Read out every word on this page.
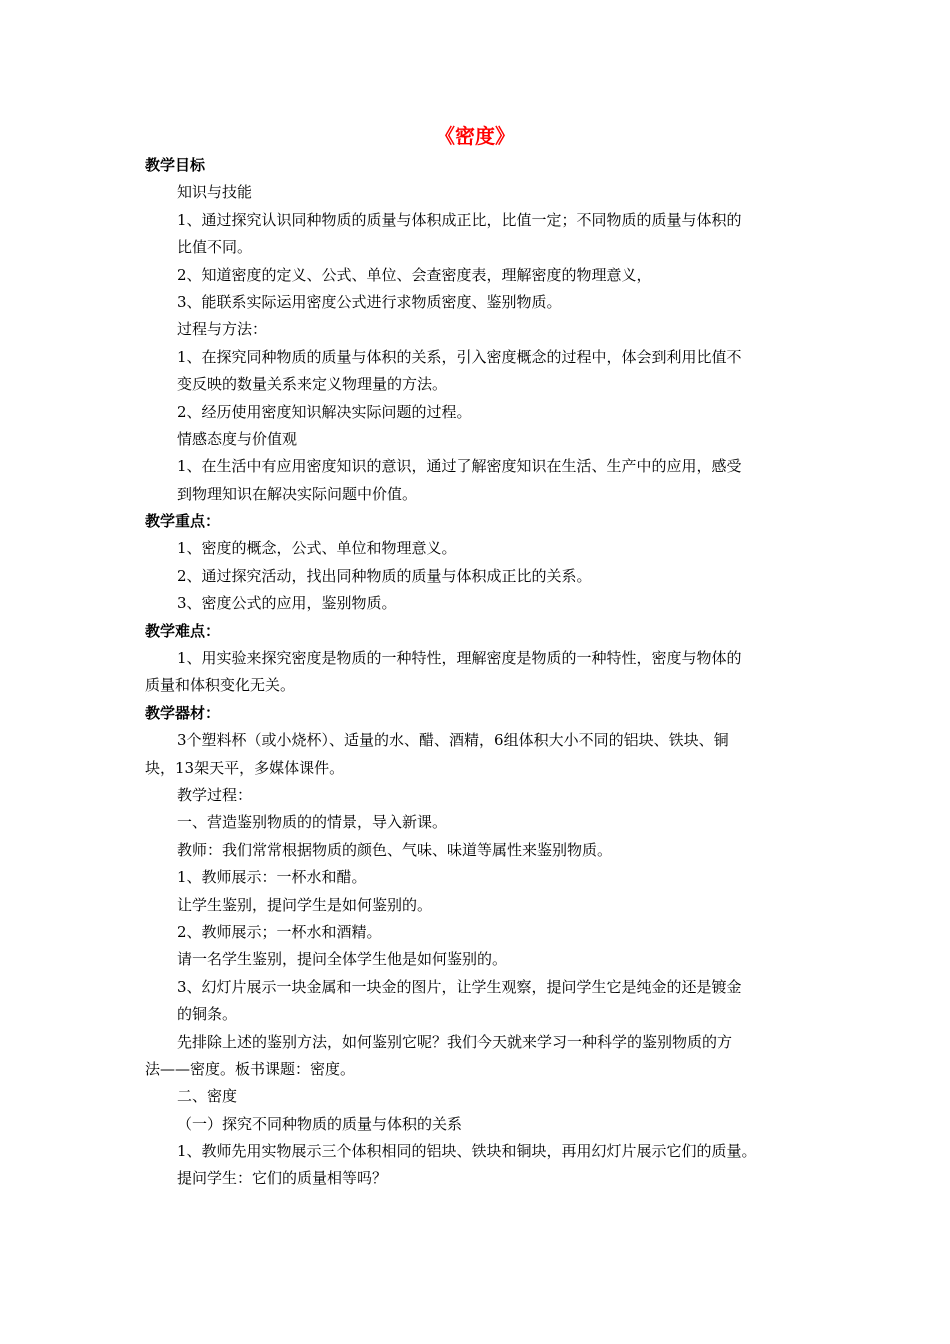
《密度》
教学目标
知识与技能
1、通过探究认识同种物质的质量与体积成正比，比值一定；不同物质的质量与体积的
比值不同。
2、知道密度的定义、公式、单位、会查密度表，理解密度的物理意义，
3、能联系实际运用密度公式进行求物质密度、鉴别物质。
过程与方法：
1、在探究同种物质的质量与体积的关系，引入密度概念的过程中，体会到利用比值不
变反映的数量关系来定义物理量的方法。
2、经历使用密度知识解决实际问题的过程。
情感态度与价值观
1、在生活中有应用密度知识的意识，通过了解密度知识在生活、生产中的应用，感受
到物理知识在解决实际问题中价值。
教学重点：
1、密度的概念，公式、单位和物理意义。
2、通过探究活动，找出同种物质的质量与体积成正比的关系。
3、密度公式的应用，鉴别物质。
教学难点：
1、用实验来探究密度是物质的一种特性，理解密度是物质的一种特性，密度与物体的
质量和体积变化无关。
教学器材：
3个塑料杯（或小烧杯）、适量的水、醋、酒精，6组体积大小不同的铝块、铁块、铜
块，13架天平，多媒体课件。
教学过程：
一、营造鉴别物质的的情景，导入新课。
教师：我们常常根据物质的颜色、气味、味道等属性来鉴别物质。
1、教师展示：一杯水和醋。
让学生鉴别，提问学生是如何鉴别的。
2、教师展示；一杯水和酒精。
请一名学生鉴别，提问全体学生他是如何鉴别的。
3、幻灯片展示一块金属和一块金的图片，让学生观察，提问学生它是纯金的还是镀金
的铜条。
先排除上述的鉴别方法，如何鉴别它呢？我们今天就来学习一种科学的鉴别物质的方
法——密度。板书课题：密度。
二、密度
（一）探究不同种物质的质量与体积的关系
1、教师先用实物展示三个体积相同的铝块、铁块和铜块，再用幻灯片展示它们的质量。
提问学生：它们的质量相等吗？
